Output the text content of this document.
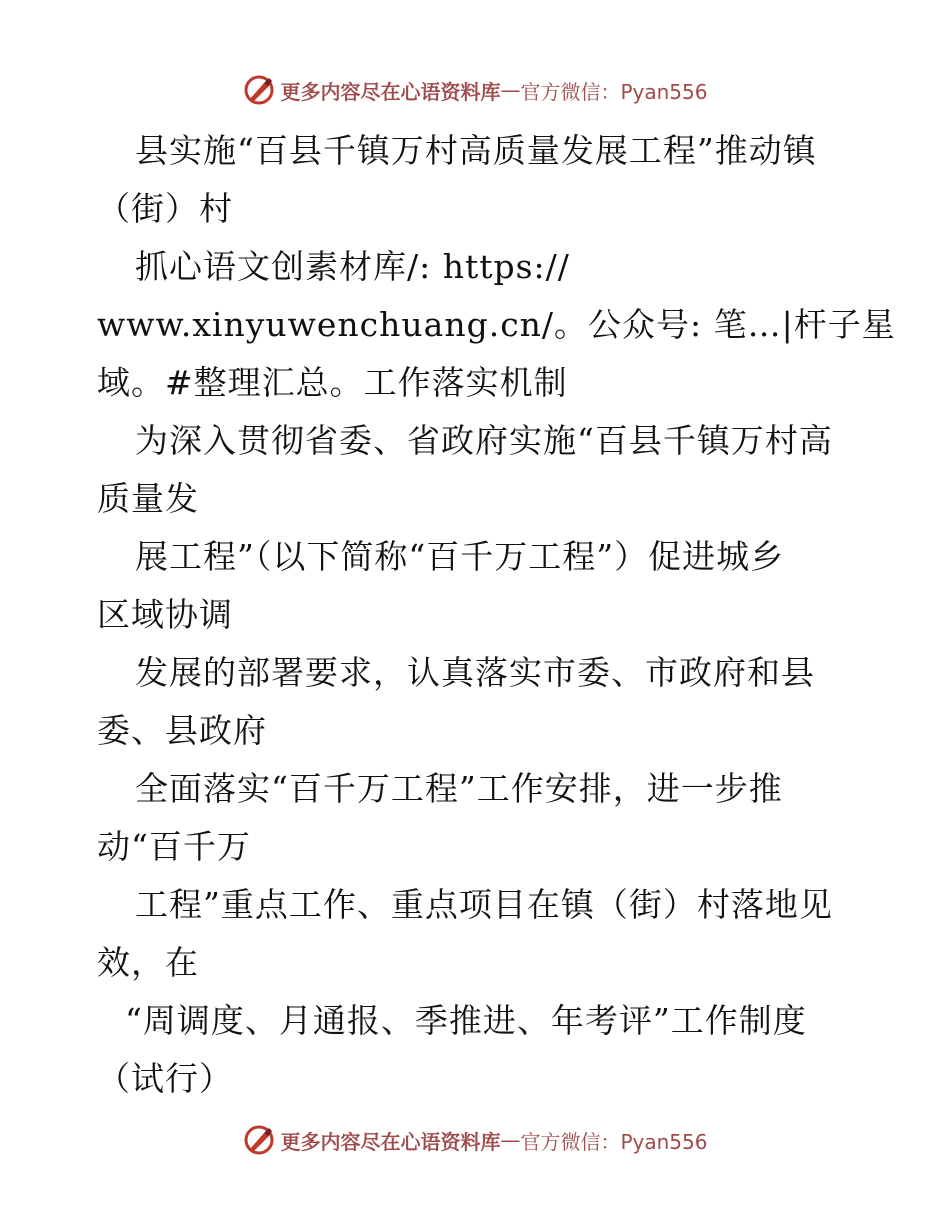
更多内容尽在心语资料库 — 官方微信：Pyan556
县实施“百县千镇万村高质量发展工程”推动镇
（街）村
抓心语文创素材库/: https://
www.xinyuwenchuang.cn/。公众号: 笔…|杆子星
域。#整理汇总。工作落实机制
为深入贯彻省委、省政府实施“百县千镇万村高
质量发
展工程”（以下简称“百千万工程”）促进城乡
区域协调
发展的部署要求，认真落实市委、市政府和县
委、县政府
全面落实“百千万工程”工作安排，进一步推
动“百千万
工程”重点工作、重点项目在镇（街）村落地见
效，在
“周调度、月通报、季推进、年考评”工作制度
（试行）
更多内容尽在心语资料库 — 官方微信：Pyan556
